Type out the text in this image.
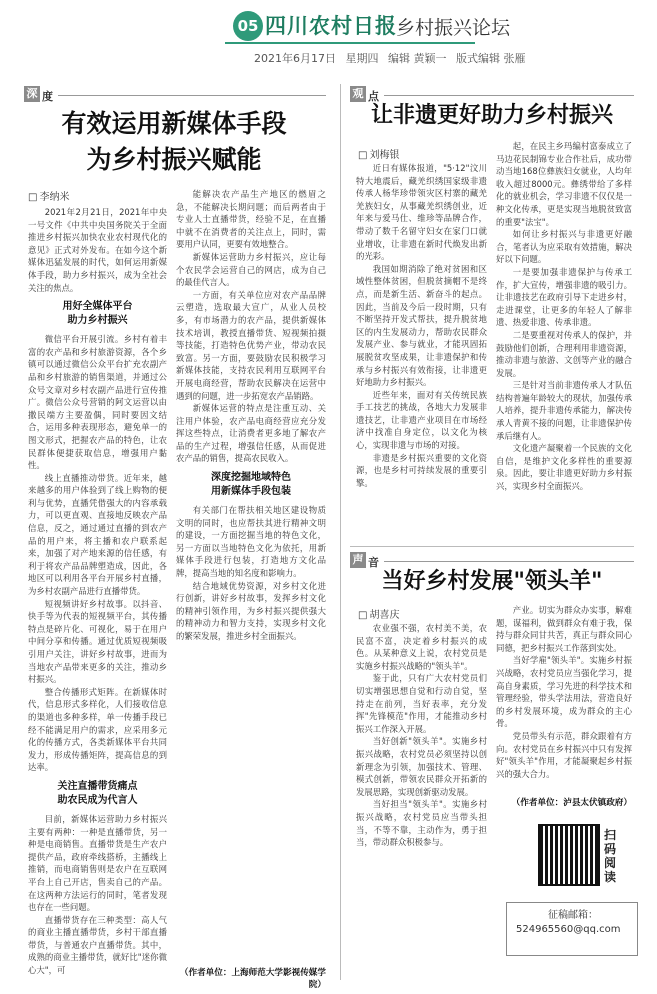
05 四川农村日报 乡村振兴论坛
2021年6月17日 星期四 编辑 黄颖一 版式编辑 张雁
深 度
有效运用新媒体手段
为乡村振兴赋能
□ 李纳米

2021年2月21日，2021年中央一号文件《中共中央国务院关于全面推进乡村振兴加快农业农村现代化的意见》正式对外发布。在如今这个新媒体迅猛发展的时代，如何运用新媒体手段，助力乡村振兴，成为全社会关注的焦点。

用好全媒体平台
助力乡村振兴

微信平台开展引流。乡村有着丰富的农产品和乡村旅游资源，各个乡镇可以通过微信公众平台扩充农副产品和乡村旅游的销售渠道，并通过公众号文章对乡村农副产品进行宣传推广。微信公众号营销的阿文运营以由撒民端方主要盈偶，同时要因文结合，运用多种表现形态，避免单一的图文形式，把握农产品的特色，让农民群体便捷获取信息，增强用户黏性。

线上直播推动带货。近年来，越来越多的用户体验到了线上购物的便利与优势，直播凭借强大的内容承载力，可以更直观、直接地反映农产品信息，反之，通过通过直播的到农产品的用户来，将主播和农户联系起来，加强了对产地来源的信任感，有利于将农产品品牌塑造成，因此，各地区可以利用各平台开展乡村直播，为乡村农副产品进行直播带货。

短视频讲好乡村故事。以抖音、快手等为代表的短视频平台，其传播特点是碎片化、可视化，易于在用户中间分享和传播。通过优质短视频吸引用户关注，讲好乡村故事，进而为当地农产品带来更多的关注，推动乡村振兴。

整合传播形式矩阵。在新媒体时代，信息形式多样化，人们接收信息的渠道也多种多样，单一传播手段已经不能满足用户的需求，应采用多元化的传播方式，各类新媒体平台共同发力，形成传播矩阵，提高信息的到达率。

关注直播带货痛点
助农民成为代言人

目前，新媒体运营助力乡村振兴主要有两种：一种是直播带货，另一种是电商销售。直播带货是生产农户提供产品，政府牵线搭桥，主播线上推销，而电商销售则是农户在互联网平台上自己开店，售卖自己的产品。在这两种方法运行的同时，笔者发现也存在一些问题。

直播带货存在三种类型：高人气的商业主播直播带货，乡村干部直播带货，与普通农户直播带货。其中，成熟的商业主播带货，就好比"迷你微心大"，可

能解决农产品生产地区的燃眉之急，不能解决长期问题；而后两者由于专业人士直播带货，经验不足，在直播中就不在消费者的关注点上，同时，需要用户认同，更要有效地整合。

新媒体运营助力乡村振兴，应让每个农民学会运营自己的网店，成为自己的最佳代言人。

一方面，有关单位应对农产品品牌云塑造，选取最大宣广，从业人员校多，有市场潜力的农产品，提供新媒体技术培训，教授直播带货、短视频拍摄等技能，打造特色优势产业，带动农民致富。另一方面，要鼓励农民积极学习新媒体技能，支持农民利用互联网平台开展电商经营，帮助农民解决在运营中遇到的问题，进一步拓宽农产品销路。

新媒体运营的特点是注重互动、关注用户体验，农产品电商经营应充分发挥这些特点，让消费者更多地了解农产品的生产过程，增强信任感，从而促进农产品的销售，提高农民收入。

深度挖掘地域特色
用新媒体手段包装

有关部门在帮扶相关地区建设物质文明的同时，也应帮扶其进行精神文明的建设，一方面挖掘当地的特色文化，另一方面以当地特色文化为依托，用新媒体手段进行包装，打造地方文化品牌，提高当地的知名度和影响力。

结合地域优势资源，对乡村文化进行创新，讲好乡村故事，发挥乡村文化的精神引领作用，为乡村振兴提供强大的精神动力和智力支持，实现乡村文化的繁荣发展，推进乡村全面振兴。

（作者单位：上海师范大学影视传媒学院）
观 点
让非遗更好助力乡村振兴
□ 刘梅银

近日有媒体报道，"5·12"汶川特大地震后，藏羌织绣国家级非遗传承人杨华珍带领灾区村寨的藏羌羌族妇女，从事藏羌织绣创业，近年来与爱马仕、维珍等品牌合作，带动了数千名留守妇女在家门口就业增收，让非遗在新时代焕发出新的光彩。

我国如期消除了绝对贫困和区域性整体贫困，但脱贫摘帽不是终点，而是新生活、新奋斗的起点。因此，当前及今后一段时期，只有不断坚持开发式帮扶，提升脱贫地区的内生发展动力，帮助农民群众发展产业、参与就业，才能巩固拓展脱贫攻坚成果，让非遗保护和传承与乡村振兴有效衔接，让非遗更好地助力乡村振兴。

近些年来，面对有关传统民族手工技艺的挑战，各地大力发展非遗技艺，让非遗产业项目在市场经济中找准自身定位，以文化为核心，实现非遗与市场的对接。

非遗是乡村振兴重要的文化资源，也是乡村可持续发展的重要引擎。

起，在民主乡玛编村富泰成立了马边花民制锦专业合作社后，成功带动当地168位彝族妇女就业，人均年收入超过8000元。彝绣带给了多样化的就业机会，学习非遗不仅仅是一种文化传承，更是实现当地脱贫致富的重要"法宝"。

如何让乡村振兴与非遗更好融合，笔者认为应采取有效措施，解决好以下问题。

一是要加强非遗保护与传承工作，扩大宣传，增强非遗的吸引力。让非遗技艺在政府引导下走进乡村，走进课堂，让更多的年轻人了解非遗、热爱非遗、传承非遗。

二是要重视对传承人的保护，并鼓励他们创新，合理利用非遗资源，推动非遗与旅游、文创等产业的融合发展。

三是针对当前非遗传承人才队伍结构普遍年龄较大的现状，加强传承人培养，提升非遗传承能力，解决传承人青黄不接的问题，让非遗保护传承后继有人。

文化遗产凝聚着一个民族的文化自信，是维护文化多样性的重要源泉。因此，要让非遗更好助力乡村振兴，实现乡村全面振兴。

声 音
当好乡村发展"领头羊"
□ 胡喜庆

农业强不强，农村美不美，农民富不富，决定着乡村振兴的成色。从某种意义上说，农村党员是实施乡村振兴战略的"领头羊"。

鉴于此，只有广大农村党员们切实增强思想自觉和行动自觉，坚持走在前列，当好表率，充分发挥"先锋模范"作用，才能推动乡村振兴工作深入开展。

当好创新"领头羊"。实施乡村振兴战略，农村党员必须坚持以创新理念为引领，加强技术、管理、模式创新，带领农民群众开拓新的发展思路，实现创新驱动发展。

当好担当"领头羊"。实施乡村振兴战略，农村党员应当带头担当，不等不靠，主动作为，勇于担当，带动群众积极参与。

产业。切实为群众办实事，解难题，谋福利，做到群众有难于我，保持与群众同甘共苦，真正与群众同心同德，把乡村振兴工作落到实处。

当好学雇"领头羊"。实施乡村振兴战略，农村党员应当强化学习，提高自身素质，学习先进的科学技术和管理经验，带头学法用法，营造良好的乡村发展环境，成为群众的主心骨。

党员带头有示范，群众跟着有方向。农村党员在乡村振兴中只有发挥好"领头羊"作用，才能凝聚起乡村振兴的强大合力。

（作者单位：泸县太伏镇政府）
扫码阅读
征稿邮箱：
524965560@qq.com
